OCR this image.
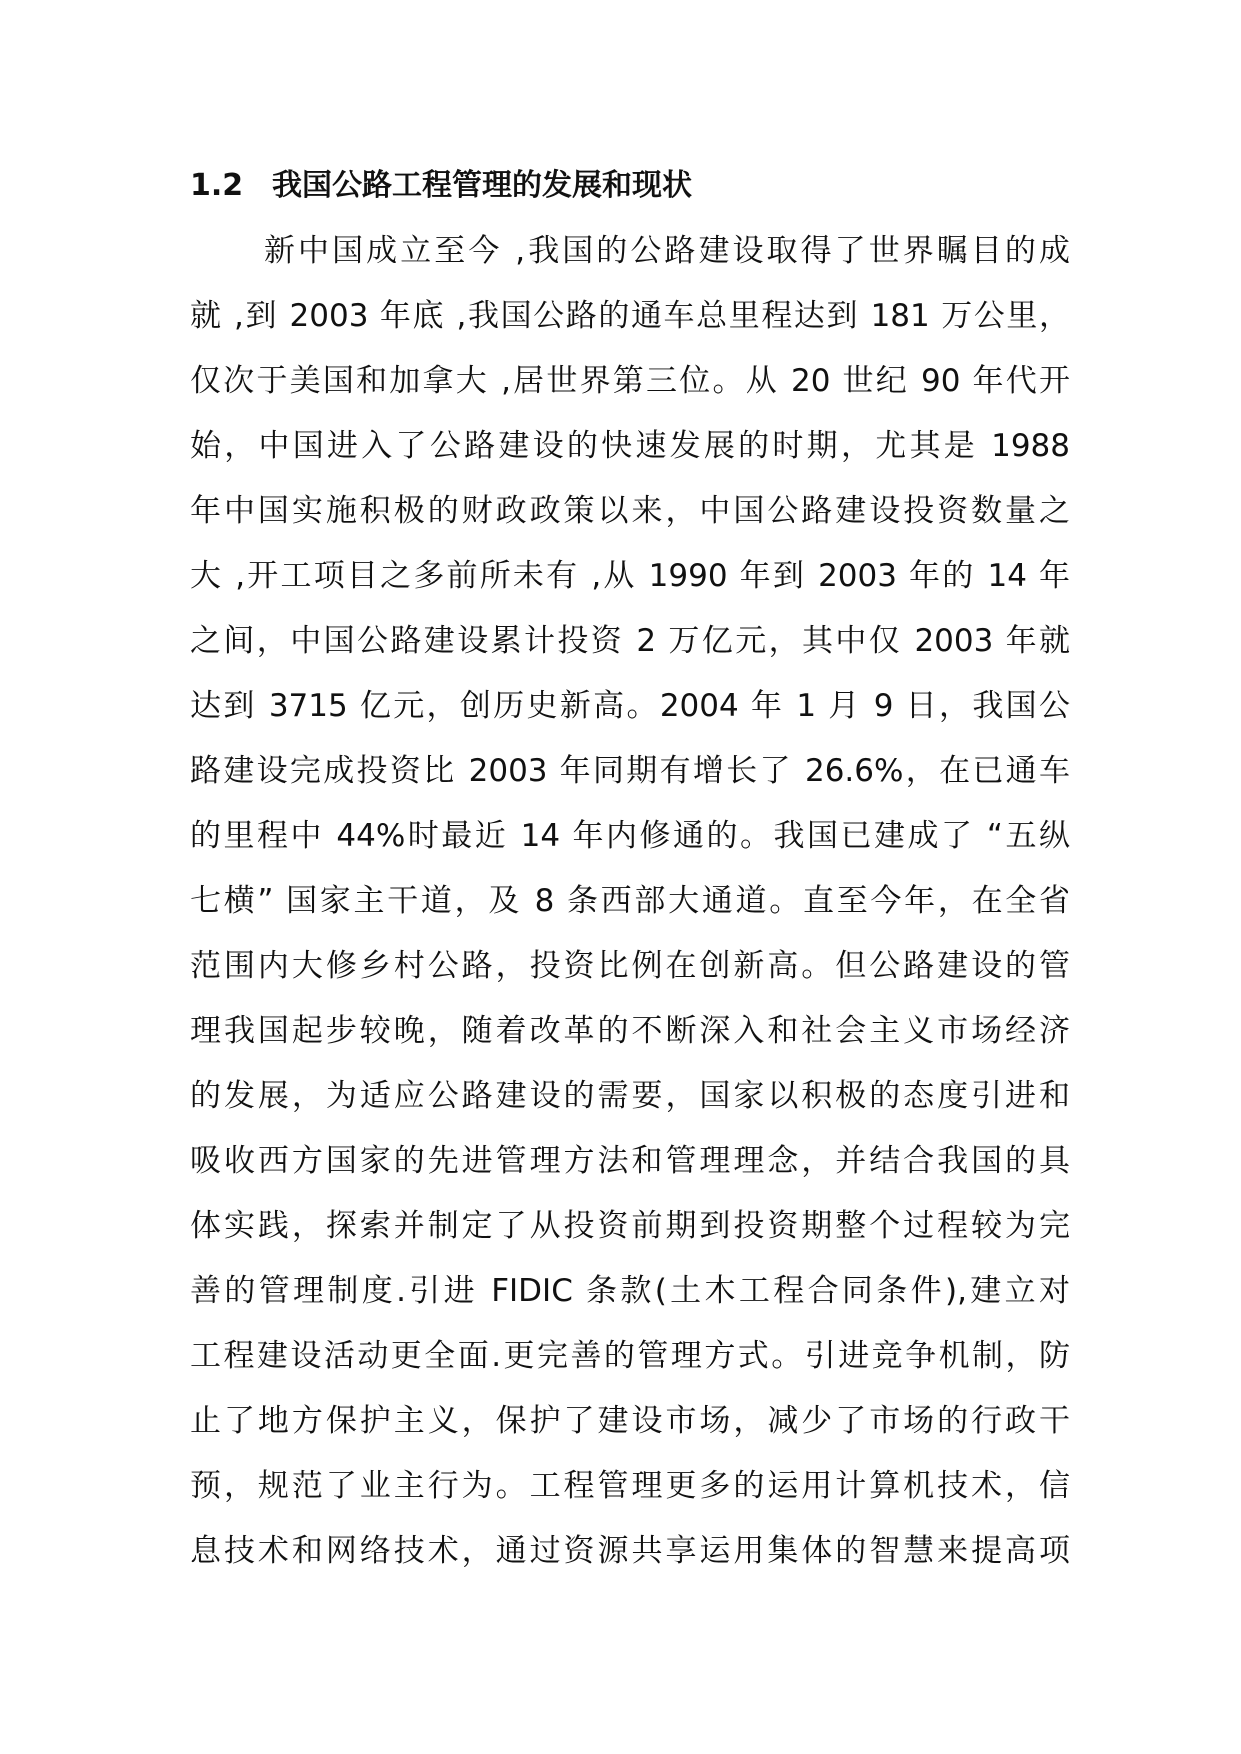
1.2 我国公路工程管理的发展和现状
新中国成立至今 ,我国的公路建设取得了世界瞩目的成
就 ,到 2003 年底 ,我国公路的通车总里程达到 181 万公里，
仅次于美国和加拿大 ,居世界第三位。从 20 世纪 90 年代开
始，中国进入了公路建设的快速发展的时期，尤其是 1988
年中国实施积极的财政政策以来，中国公路建设投资数量之
大 ,开工项目之多前所未有 ,从 1990 年到 2003 年的 14 年
之间，中国公路建设累计投资 2 万亿元，其中仅 2003 年就
达到 3715 亿元，创历史新高。2004 年 1 月 9 日，我国公
路建设完成投资比 2003 年同期有增长了 26.6%，在已通车
的里程中 44%时最近 14 年内修通的。我国已建成了 “五纵
七横” 国家主干道，及 8 条西部大通道。直至今年，在全省
范围内大修乡村公路，投资比例在创新高。但公路建设的管
理我国起步较晚，随着改革的不断深入和社会主义市场经济
的发展，为适应公路建设的需要，国家以积极的态度引进和
吸收西方国家的先进管理方法和管理理念，并结合我国的具
体实践，探索并制定了从投资前期到投资期整个过程较为完
善的管理制度.引进 FIDIC 条款(土木工程合同条件),建立对
工程建设活动更全面.更完善的管理方式。引进竞争机制，防
止了地方保护主义，保护了建设市场，减少了市场的行政干
预，规范了业主行为。工程管理更多的运用计算机技术，信
息技术和网络技术，通过资源共享运用集体的智慧来提高项
